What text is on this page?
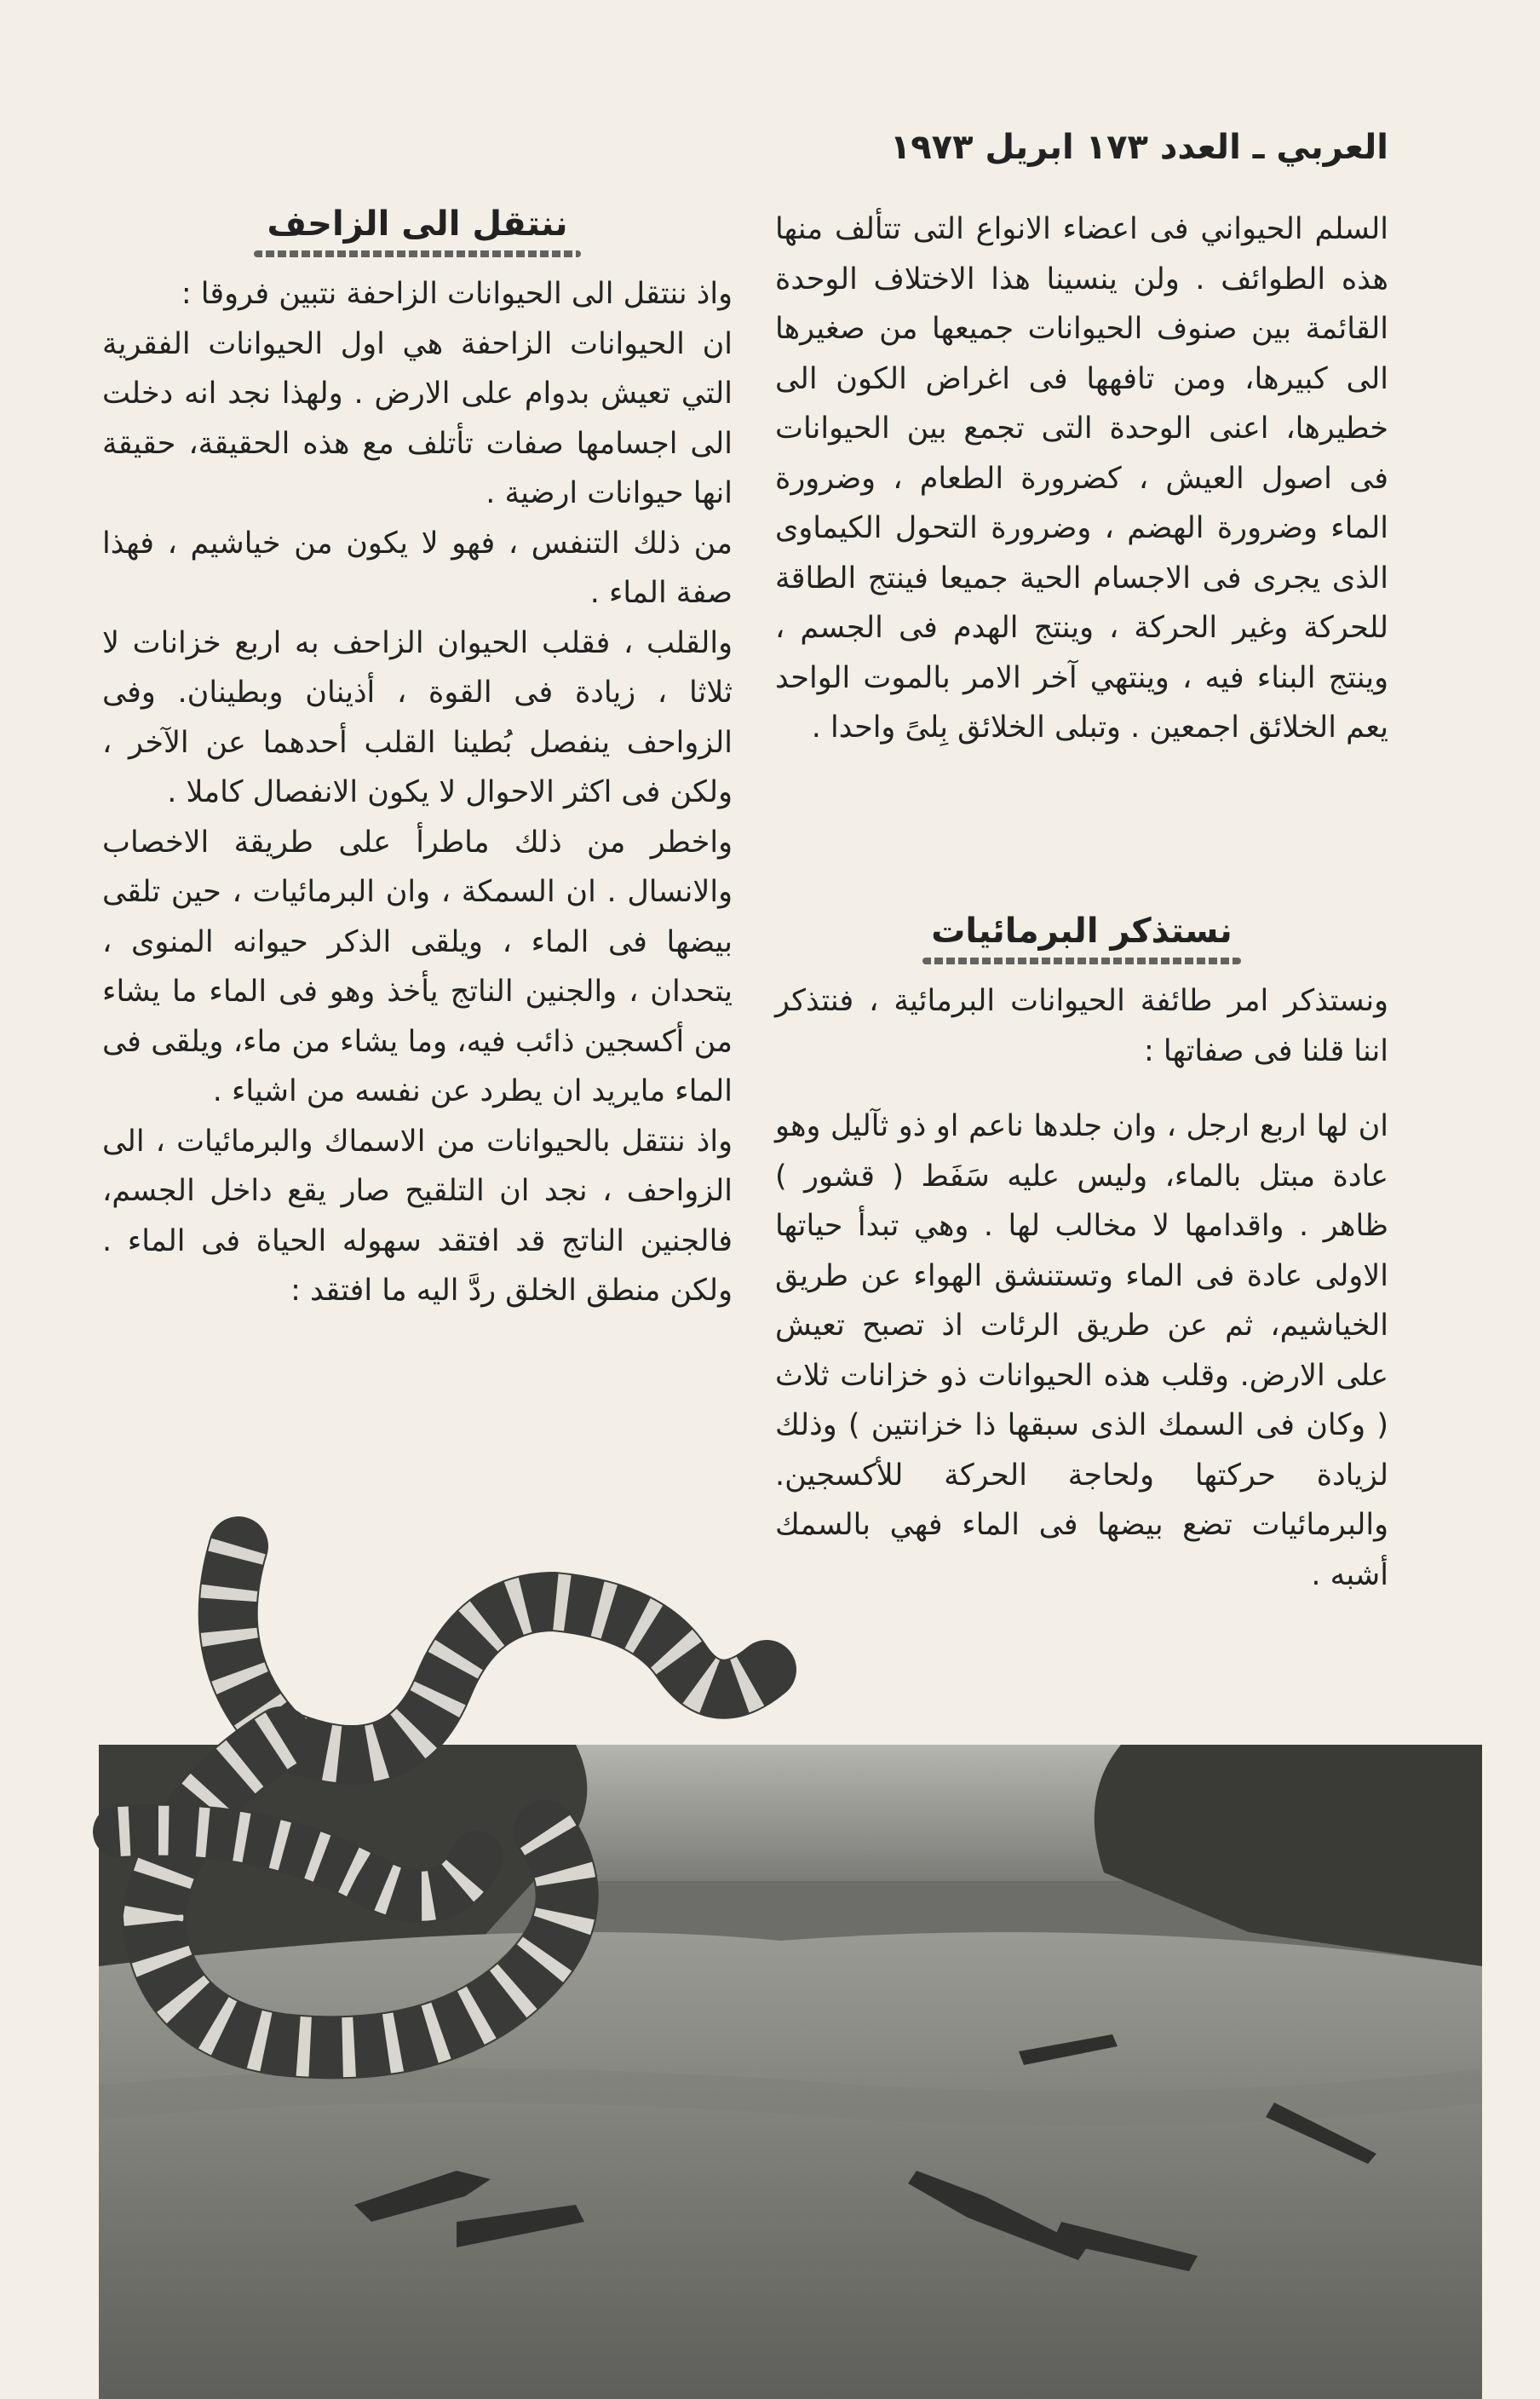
العربي ـ العدد ١٧٣ ابريل ١٩٧٣

السلم الحيواني فى اعضاء الانواع التى تتألف منها هذه الطوائف . ولن ينسينا هذا الاختلاف الوحدة القائمة بين صنوف الحيوانات جميعها من صغيرها الى كبيرها، ومن تافهها فى اغراض الكون الى خطيرها، اعنى الوحدة التى تجمع بين الحيوانات فى اصول العيش ، كضرورة الطعام ، وضرورة الماء وضرورة الهضم ، وضرورة التحول الكيماوى الذى يجرى فى الاجسام الحية جميعا فينتج الطاقة للحركة وغير الحركة ، وينتج الهدم فى الجسم ، وينتج البناء فيه ، وينتهي آخر الامر بالموت الواحد يعم الخلائق اجمعين . وتبلى الخلائق بِلىً واحدا .

نستذكر البرمائيات

ونستذكر امر طائفة الحيوانات البرمائية ، فنتذكر اننا قلنا فى صفاتها :

ان لها اربع ارجل ، وان جلدها ناعم او ذو ثآليل وهو عادة مبتل بالماء، وليس عليه سَفَط ( قشور ) ظاهر . واقدامها لا مخالب لها . وهي تبدأ حياتها الاولى عادة فى الماء وتستنشق الهواء عن طريق الخياشيم، ثم عن طريق الرئات اذ تصبح تعيش على الارض. وقلب هذه الحيوانات ذو خزانات ثلاث ( وكان فى السمك الذى سبقها ذا خزانتين ) وذلك لزيادة حركتها ولحاجة الحركة للأكسجين. والبرمائيات تضع بيضها فى الماء فهي بالسمك أشبه .

ننتقل الى الزاحف

واذ ننتقل الى الحيوانات الزاحفة نتبين فروقا :

ان الحيوانات الزاحفة هي اول الحيوانات الفقرية التي تعيش بدوام على الارض . ولهذا نجد انه دخلت الى اجسامها صفات تأتلف مع هذه الحقيقة، حقيقة انها حيوانات ارضية .

من ذلك التنفس ، فهو لا يكون من خياشيم ، فهذا صفة الماء .

والقلب ، فقلب الحيوان الزاحف به اربع خزانات لا ثلاثا ، زيادة فى القوة ، أذينان وبطينان. وفى الزواحف ينفصل بُطينا القلب أحدهما عن الآخر ، ولكن فى اكثر الاحوال لا يكون الانفصال كاملا .

واخطر من ذلك ماطرأ على طريقة الاخصاب والانسال . ان السمكة ، وان البرمائيات ، حين تلقى بيضها فى الماء ، ويلقى الذكر حيوانه المنوى ، يتحدان ، والجنين الناتج يأخذ وهو فى الماء ما يشاء من أكسجين ذائب فيه، وما يشاء من ماء، ويلقى فى الماء مايريد ان يطرد عن نفسه من اشياء .

واذ ننتقل بالحيوانات من الاسماك والبرمائيات ، الى الزواحف ، نجد ان التلقيح صار يقع داخل الجسم، فالجنين الناتج قد افتقد سهوله الحياة فى الماء . ولكن منطق الخلق ردَّ اليه ما افتقد :
